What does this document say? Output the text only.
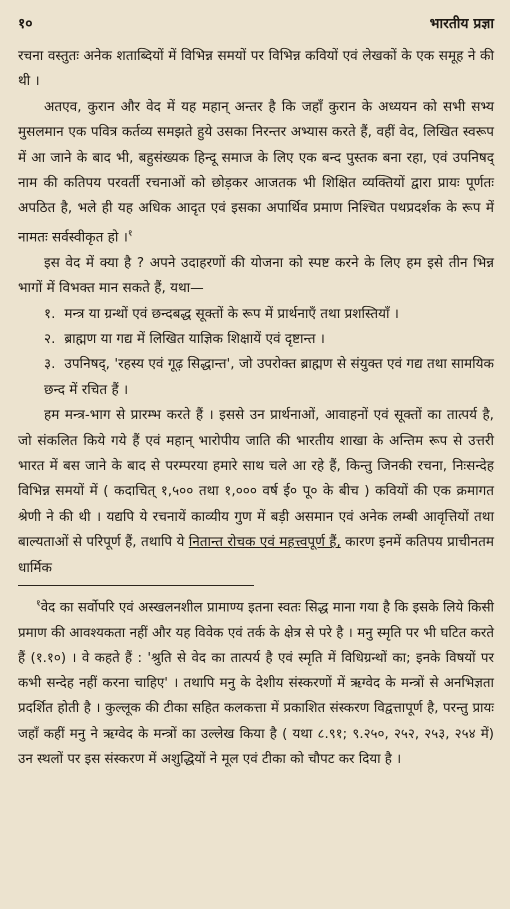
१०	भारतीय प्रज्ञा

रचना वस्तुतः अनेक शताब्दियों में विभिन्न समयों पर विभिन्न कवियों एवं लेखकों के एक समूह ने की थी ।

अतएव, कुरान और वेद में यह महान् अन्तर है कि जहाँ कुरान के अध्ययन को सभी सभ्य मुसलमान एक पवित्र कर्तव्य समझते हुये उसका निरन्तर अभ्यास करते हैं, वहीं वेद, लिखित स्वरूप में आ जाने के बाद भी, बहुसंख्यक हिन्दू समाज के लिए एक बन्द पुस्तक बना रहा, एवं उपनिषद् नाम की कतिपय परवर्ती रचनाओं को छोड़कर आजतक भी शिक्षित व्यक्तियों द्वारा प्रायः पूर्णतः अपठित है, भले ही यह अधिक आदृत एवं इसका अपार्थिव प्रमाण निश्चित पथप्रदर्शक के रूप में नामतः सर्वस्वीकृत हो ।$^१$

इस वेद में क्या है ? अपने उदाहरणों की योजना को स्पष्ट करने के लिए हम इसे तीन भिन्न भागों में विभक्त मान सकते हैं, यथा—

१. मन्त्र या ग्रन्थों एवं छन्दबद्ध सूक्तों के रूप में प्रार्थनाएँ तथा प्रशस्तियाँ ।

२. ब्राह्मण या गद्य में लिखित याज्ञिक शिक्षायें एवं दृष्टान्त ।

३. उपनिषद्, 'रहस्य एवं गूढ़ सिद्धान्त', जो उपरोक्त ब्राह्मण से संयुक्त एवं गद्य तथा सामयिक छन्द में रचित हैं ।

हम मन्त्र-भाग से प्रारम्भ करते हैं । इससे उन प्रार्थनाओं, आवाहनों एवं सूक्तों का तात्पर्य है, जो संकलित किये गये हैं एवं महान् भारोपीय जाति की भारतीय शाखा के अन्तिम रूप से उत्तरी भारत में बस जाने के बाद से परम्परया हमारे साथ चले आ रहे हैं, किन्तु जिनकी रचना, निःसन्देह विभिन्न समयों में ( कदाचित् १,५०० तथा १,००० वर्ष ई० पू० के बीच ) कवियों की एक क्रमागत श्रेणी ने की थी । यद्यपि ये रचनायें काव्यीय गुण में बड़ी असमान एवं अनेक लम्बी आवृत्तियों तथा बाल्यताओं से परिपूर्ण हैं, तथापि ये नितान्त रोचक एवं महत्त्वपूर्ण हैं, कारण इनमें कतिपय प्राचीनतम धार्मिक

$^१$वेद का सर्वोपरि एवं अस्खलनशील प्रामाण्य इतना स्वतः सिद्ध माना गया है कि इसके लिये किसी प्रमाण की आवश्यकता नहीं और यह विवेक एवं तर्क के क्षेत्र से परे है । मनु स्मृति पर भी घटित करते हैं (१.१०) । वे कहते हैं : 'श्रुति से वेद का तात्पर्य है एवं स्मृति में विधिग्रन्थों का; इनके विषयों पर कभी सन्देह नहीं करना चाहिए' । तथापि मनु के देशीय संस्करणों में ऋग्वेद के मन्त्रों से अनभिज्ञता प्रदर्शित होती है । कुल्लूक की टीका सहित कलकत्ता में प्रकाशित संस्करण विद्वत्तापूर्ण है, परन्तु प्रायः जहाँ कहीं मनु ने ऋग्वेद के मन्त्रों का उल्लेख किया है ( यथा ८.९१; ९.२५०, २५२, २५३, २५४ में) उन स्थलों पर इस संस्करण में अशुद्धियों ने मूल एवं टीका को चौपट कर दिया है ।
